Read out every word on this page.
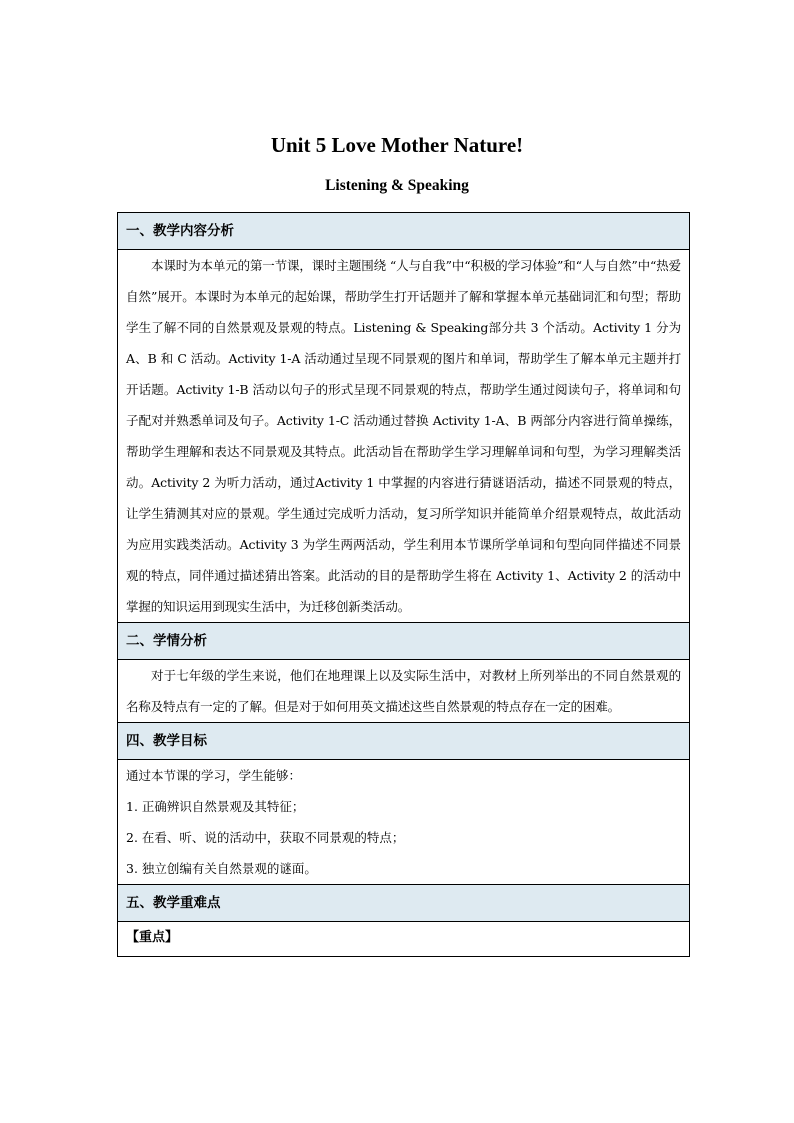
Unit 5 Love Mother Nature!
Listening & Speaking
一、教学内容分析

本课时为本单元的第一节课，课时主题围绕 “人与自我”中“积极的学习体验”和“人与自然”中“热爱自然”展开。本课时为本单元的起始课，帮助学生打开话题并了解和掌握本单元基础词汇和句型；帮助学生了解不同的自然景观及景观的特点。Listening & Speaking部分共 3 个活动。Activity 1 分为 A、B 和 C 活动。Activity 1-A 活动通过呈现不同景观的图片和单词，帮助学生了解本单元主题并打开话题。Activity 1-B 活动以句子的形式呈现不同景观的特点，帮助学生通过阅读句子，将单词和句子配对并熟悉单词及句子。Activity 1-C 活动通过替换 Activity 1-A、B 两部分内容进行简单操练，帮助学生理解和表达不同景观及其特点。此活动旨在帮助学生学习理解单词和句型，为学习理解类活动。Activity 2 为听力活动，通过Activity 1 中掌握的内容进行猜谜语活动，描述不同景观的特点，让学生猜测其对应的景观。学生通过完成听力活动，复习所学知识并能简单介绍景观特点，故此活动为应用实践类活动。Activity 3 为学生两两活动，学生利用本节课所学单词和句型向同伴描述不同景观的特点，同伴通过描述猜出答案。此活动的目的是帮助学生将在 Activity 1、Activity 2 的活动中掌握的知识运用到现实生活中，为迁移创新类活动。

二、学情分析

对于七年级的学生来说，他们在地理课上以及实际生活中，对教材上所列举出的不同自然景观的名称及特点有一定的了解。但是对于如何用英文描述这些自然景观的特点存在一定的困难。

四、教学目标

通过本节课的学习，学生能够：
1. 正确辨识自然景观及其特征；
2. 在看、听、说的活动中，获取不同景观的特点；
3. 独立创编有关自然景观的谜面。

五、教学重难点
【重点】
